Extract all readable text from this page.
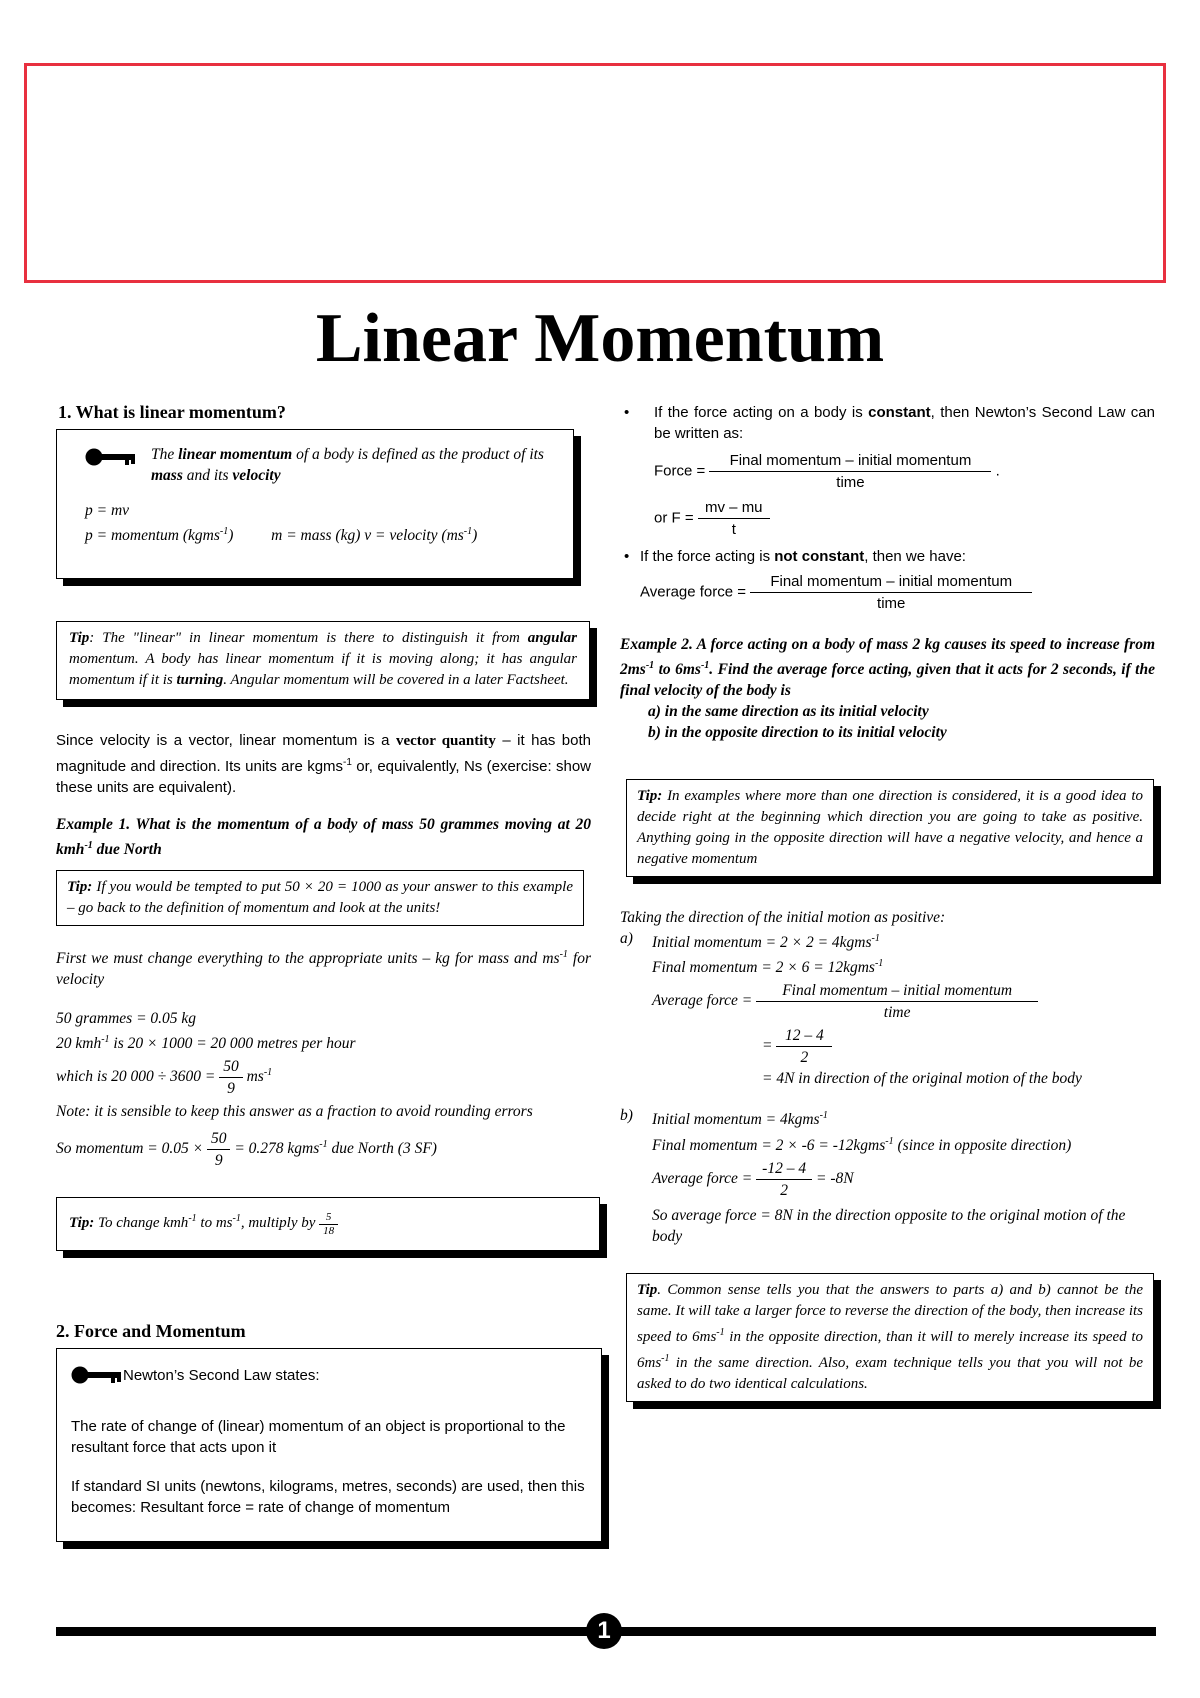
Linear Momentum

1. What is linear momentum?

The linear momentum of a body is defined as the product of its mass and its velocity

p = mv

p = momentum (kgms$^{-1}$) m = mass (kg) v = velocity $(ms^{-1})$

Tip: The "linear" in linear momentum is there to distinguish it from angular momentum. A body has linear momentum if it is moving along; it has angular momentum if it is turning. Angular momentum will be covered in a later Factsheet.

Since velocity is a vector, linear momentum is a vector quantity – it has both magnitude and direction. Its units are kgms$^{-1}$ or, equivalently, Ns (exercise: show these units are equivalent).

Example 1. What is the momentum of a body of mass 50 grammes moving at 20 kmh$^{-1}$ due North

Tip: If you would be tempted to put 50 × 20 = 1000 as your answer to this example – go back to the definition of momentum and look at the units!

First we must change everything to the appropriate units – kg for mass and $ms^{-1}$ for velocity

50 grammes = 0.05 kg

20 kmh$^{-1}$ is 20 × 1000 = 20 000 metres per hour

which is 20 $000 \div 3600 = \frac{50}{9} ms^{-1}$

Note: it is sensible to keep this answer as a fraction to avoid rounding errors

So momentum = $0.05 \times \frac{50}{9} = 0.278$ kgms$^{-1}$ due North (3 SF)

Tip: To change kmh$^{-1}$ to $ms^{-1}$, multiply by $\frac{5}{18}$

2. Force and Momentum

Newton’s Second Law states:

The rate of change of (linear) momentum of an object is proportional to the resultant force that acts upon it

If standard SI units (newtons, kilograms, metres, seconds) are used, then this becomes: Resultant force = rate of change of momentum

• If the force acting on a body is constant, then Newton’s Second Law can be written as:
Force = $\frac{\text{Final momentum – initial momentum}}{\text{time}}$ .
or $F = \frac{mv - mu}{t}$
• If the force acting is not constant, then we have:
Average force = $\frac{\text{Final momentum – initial momentum}}{\text{time}}$

Example 2. A force acting on a body of mass 2 kg causes its speed to increase from $2ms^{-1}$ to $6ms^{-1}$. Find the average force acting, given that it acts for 2 seconds, if the final velocity of the body is

a) in the same direction as its initial velocity

b) in the opposite direction to its initial velocity

Tip: In examples where more than one direction is considered, it is a good idea to decide right at the beginning which direction you are going to take as positive. Anything going in the opposite direction will have a negative velocity, and hence a negative momentum

Taking the direction of the initial motion as positive:

a) Initial momentum = 2 × 2 = 4kgms$^{-1}$

Final momentum = 2 × 6 = 12kgms$^{-1}$

Average force = $\frac{\text{Final momentum – initial momentum}}{\text{time}}$

= $\frac{12 - 4}{2}$

= 4N in direction of the original motion of the body

b) Initial momentum = 4kgms$^{-1}$

Final momentum = 2 × -6 = -12kgms$^{-1}$ (since in opposite direction)

Average force = $\frac{-12 - 4}{2} = -8N$

So average force = 8N in the direction opposite to the original motion of the body

Tip. Common sense tells you that the answers to parts a) and b) cannot be the same. It will take a larger force to reverse the direction of the body, then increase its speed to $6ms^{-1}$ in the opposite direction, than it will to merely increase its speed to $6ms^{-1}$ in the same direction. Also, exam technique tells you that you will not be asked to do two identical calculations.

1
